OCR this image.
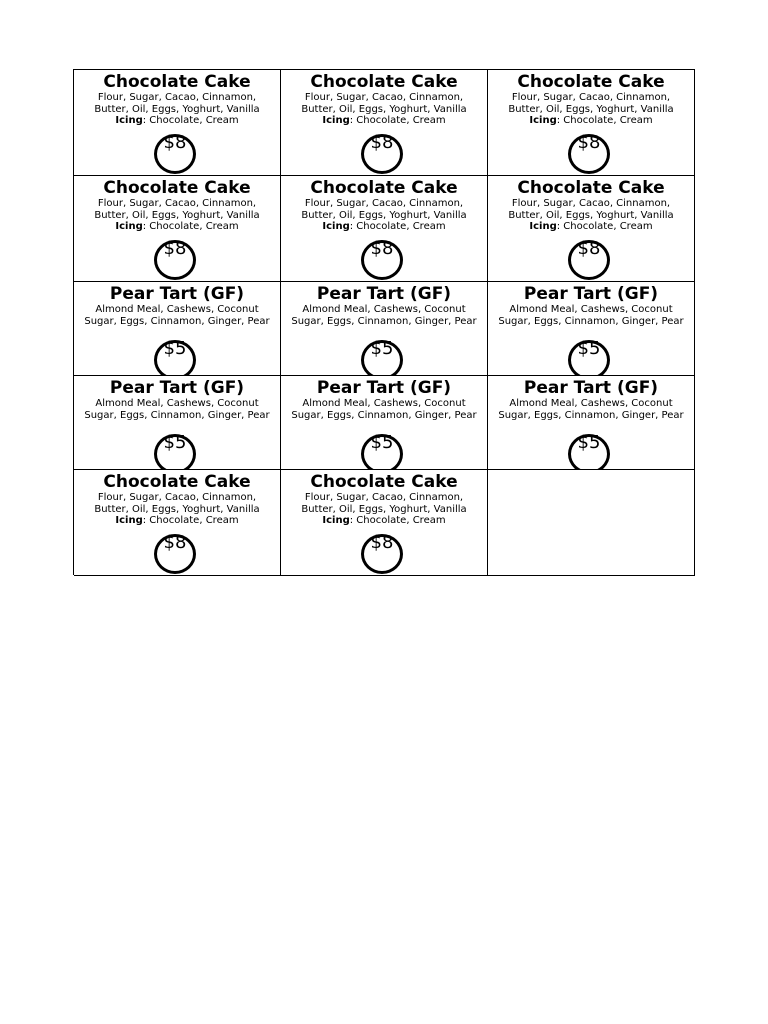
Chocolate Cake
Flour, Sugar, Cacao, Cinnamon,
Butter, Oil, Eggs, Yoghurt, Vanilla
Icing: Chocolate, Cream
$8
Chocolate Cake
Flour, Sugar, Cacao, Cinnamon,
Butter, Oil, Eggs, Yoghurt, Vanilla
Icing: Chocolate, Cream
$8
Chocolate Cake
Flour, Sugar, Cacao, Cinnamon,
Butter, Oil, Eggs, Yoghurt, Vanilla
Icing: Chocolate, Cream
$8
Chocolate Cake
Flour, Sugar, Cacao, Cinnamon,
Butter, Oil, Eggs, Yoghurt, Vanilla
Icing: Chocolate, Cream
$8
Chocolate Cake
Flour, Sugar, Cacao, Cinnamon,
Butter, Oil, Eggs, Yoghurt, Vanilla
Icing: Chocolate, Cream
$8
Chocolate Cake
Flour, Sugar, Cacao, Cinnamon,
Butter, Oil, Eggs, Yoghurt, Vanilla
Icing: Chocolate, Cream
$8
Pear Tart (GF)
Almond Meal, Cashews, Coconut
Sugar, Eggs, Cinnamon, Ginger, Pear
$5
Pear Tart (GF)
Almond Meal, Cashews, Coconut
Sugar, Eggs, Cinnamon, Ginger, Pear
$5
Pear Tart (GF)
Almond Meal, Cashews, Coconut
Sugar, Eggs, Cinnamon, Ginger, Pear
$5
Pear Tart (GF)
Almond Meal, Cashews, Coconut
Sugar, Eggs, Cinnamon, Ginger, Pear
$5
Pear Tart (GF)
Almond Meal, Cashews, Coconut
Sugar, Eggs, Cinnamon, Ginger, Pear
$5
Pear Tart (GF)
Almond Meal, Cashews, Coconut
Sugar, Eggs, Cinnamon, Ginger, Pear
$5
Chocolate Cake
Flour, Sugar, Cacao, Cinnamon,
Butter, Oil, Eggs, Yoghurt, Vanilla
Icing: Chocolate, Cream
$8
Chocolate Cake
Flour, Sugar, Cacao, Cinnamon,
Butter, Oil, Eggs, Yoghurt, Vanilla
Icing: Chocolate, Cream
$8
